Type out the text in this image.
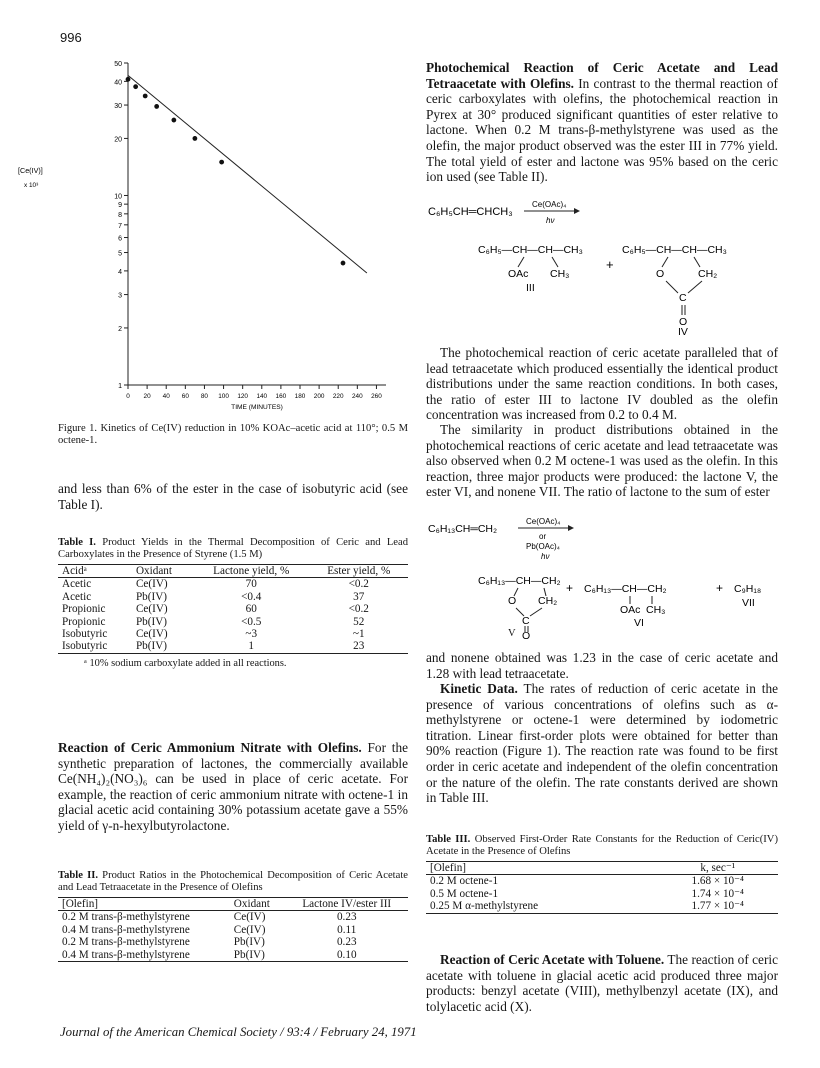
996
50
40
30
20
10
9
8
7
6
5
4
3
2
1
0 20 40 60 80 100 120 140 160 180 200 220 240 260
TIME (MINUTES)
[Ce(IV)]
x 10³
Figure 1. Kinetics of Ce(IV) reduction in 10% KOAc–acetic acid at 110°; 0.5 M octene-1.

and less than 6% of the ester in the case of isobutyric acid (see Table I).

Table I. Product Yields in the Thermal Decomposition of Ceric and Lead Carboxylates in the Presence of Styrene (1.5 M)
Acidᵃ	Oxidant	Lactone yield, %	Ester yield, %
Acetic	Ce(IV)	70	<0.2
Acetic	Pb(IV)	<0.4	37
Propionic	Ce(IV)	60	<0.2
Propionic	Pb(IV)	<0.5	52
Isobutyric	Ce(IV)	~3	~1
Isobutyric	Pb(IV)	1	23
ᵃ 10% sodium carboxylate added in all reactions.

Reaction of Ceric Ammonium Nitrate with Olefins. For the synthetic preparation of lactones, the commercially available Ce(NH₄)₂(NO₃)₆ can be used in place of ceric acetate. For example, the reaction of ceric ammonium nitrate with octene-1 in glacial acetic acid containing 30% potassium acetate gave a 55% yield of γ-n-hexylbutyrolactone.

Table II. Product Ratios in the Photochemical Decomposition of Ceric Acetate and Lead Tetraacetate in the Presence of Olefins
[Olefin]	Oxidant	Lactone IV/ester III
0.2 M trans-β-methylstyrene	Ce(IV)	0.23
0.4 M trans-β-methylstyrene	Ce(IV)	0.11
0.2 M trans-β-methylstyrene	Pb(IV)	0.23
0.4 M trans-β-methylstyrene	Pb(IV)	0.10

Photochemical Reaction of Ceric Acetate and Lead Tetraacetate with Olefins. In contrast to the thermal reaction of ceric carboxylates with olefins, the photochemical reaction in Pyrex at 30° produced significant quantities of ester relative to lactone. When 0.2 M trans-β-methylstyrene was used as the olefin, the major product observed was the ester III in 77% yield. The total yield of ester and lactone was 95% based on the ceric ion used (see Table II).

C₆H₅CH═CHCH₃
Ce(OAc)₄
hν
C₆H₅—CH—CH—CH₃
OAc CH₃
III
+
C₆H₅—CH—CH—CH₃
O	CH₂
C
O
IV

The photochemical reaction of ceric acetate paralleled that of lead tetraacetate which produced essentially the identical product distributions under the same reaction conditions. In both cases, the ratio of ester III to lactone IV doubled as the olefin concentration was increased from 0.2 to 0.4 M.

The similarity in product distributions obtained in the photochemical reactions of ceric acetate and lead tetraacetate was also observed when 0.2 M octene-1 was used as the olefin. In this reaction, three major products were produced: the lactone V, the ester VI, and nonene VII. The ratio of lactone to the sum of ester

C₆H₁₃CH═CH₂
Ce(OAc)₄
or
Pb(OAc)₄
hν
C₆H₁₃—CH—CH₂
O CH₂
C
O
+ C₆H₁₃—CH—CH₂
OAc CH₃
VI
+ C₉H₁₈
VII
V

and nonene obtained was 1.23 in the case of ceric acetate and 1.28 with lead tetraacetate.

Kinetic Data. The rates of reduction of ceric acetate in the presence of various concentrations of olefins such as α-methylstyrene or octene-1 were determined by iodometric titration. Linear first-order plots were obtained for better than 90% reaction (Figure 1). The reaction rate was found to be first order in ceric acetate and independent of the olefin concentration or the nature of the olefin. The rate constants derived are shown in Table III.

Table III. Observed First-Order Rate Constants for the Reduction of Ceric(IV) Acetate in the Presence of Olefins
[Olefin]	k, sec⁻¹
0.2 M octene-1	1.68 × 10⁻⁴
0.5 M octene-1	1.74 × 10⁻⁴
0.25 M α-methylstyrene	1.77 × 10⁻⁴

Reaction of Ceric Acetate with Toluene. The reaction of ceric acetate with toluene in glacial acetic acid produced three major products: benzyl acetate (VIII), methylbenzyl acetate (IX), and tolylacetic acid (X).

Journal of the American Chemical Society / 93:4 / February 24, 1971
